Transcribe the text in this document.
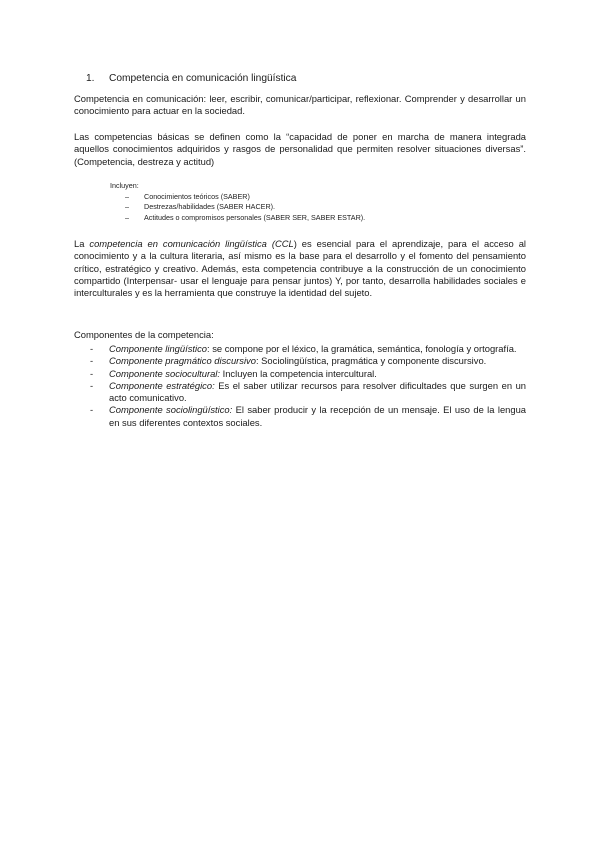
1. Competencia en comunicación lingüística
Competencia en comunicación: leer, escribir, comunicar/participar, reflexionar. Comprender y desarrollar un conocimiento para actuar en la sociedad.
Las competencias básicas se definen como la “capacidad de poner en marcha de manera integrada aquellos conocimientos adquiridos y rasgos de personalidad que permiten resolver situaciones diversas”. (Competencia, destreza y actitud)
Incluyen:
– Conocimientos teóricos (SABER)
– Destrezas/habilidades (SABER HACER).
– Actitudes o compromisos personales (SABER SER, SABER ESTAR).
La competencia en comunicación lingüística (CCL) es esencial para el aprendizaje, para el acceso al conocimiento y a la cultura literaria, así mismo es la base para el desarrollo y el fomento del pensamiento crítico, estratégico y creativo. Además, esta competencia contribuye a la construcción de un conocimiento compartido (Interpensar- usar el lenguaje para pensar juntos) Y, por tanto, desarrolla habilidades sociales e interculturales y es la herramienta que construye la identidad del sujeto.
Componentes de la competencia:
- Componente lingüístico: se compone por el léxico, la gramática, semántica, fonología y ortografía.
- Componente pragmático discursivo: Sociolingüística, pragmática y componente discursivo.
- Componente sociocultural: Incluyen la competencia intercultural.
- Componente estratégico: Es el saber utilizar recursos para resolver dificultades que surgen en un acto comunicativo.
- Componente sociolingüístico: El saber producir y la recepción de un mensaje. El uso de la lengua en sus diferentes contextos sociales.
